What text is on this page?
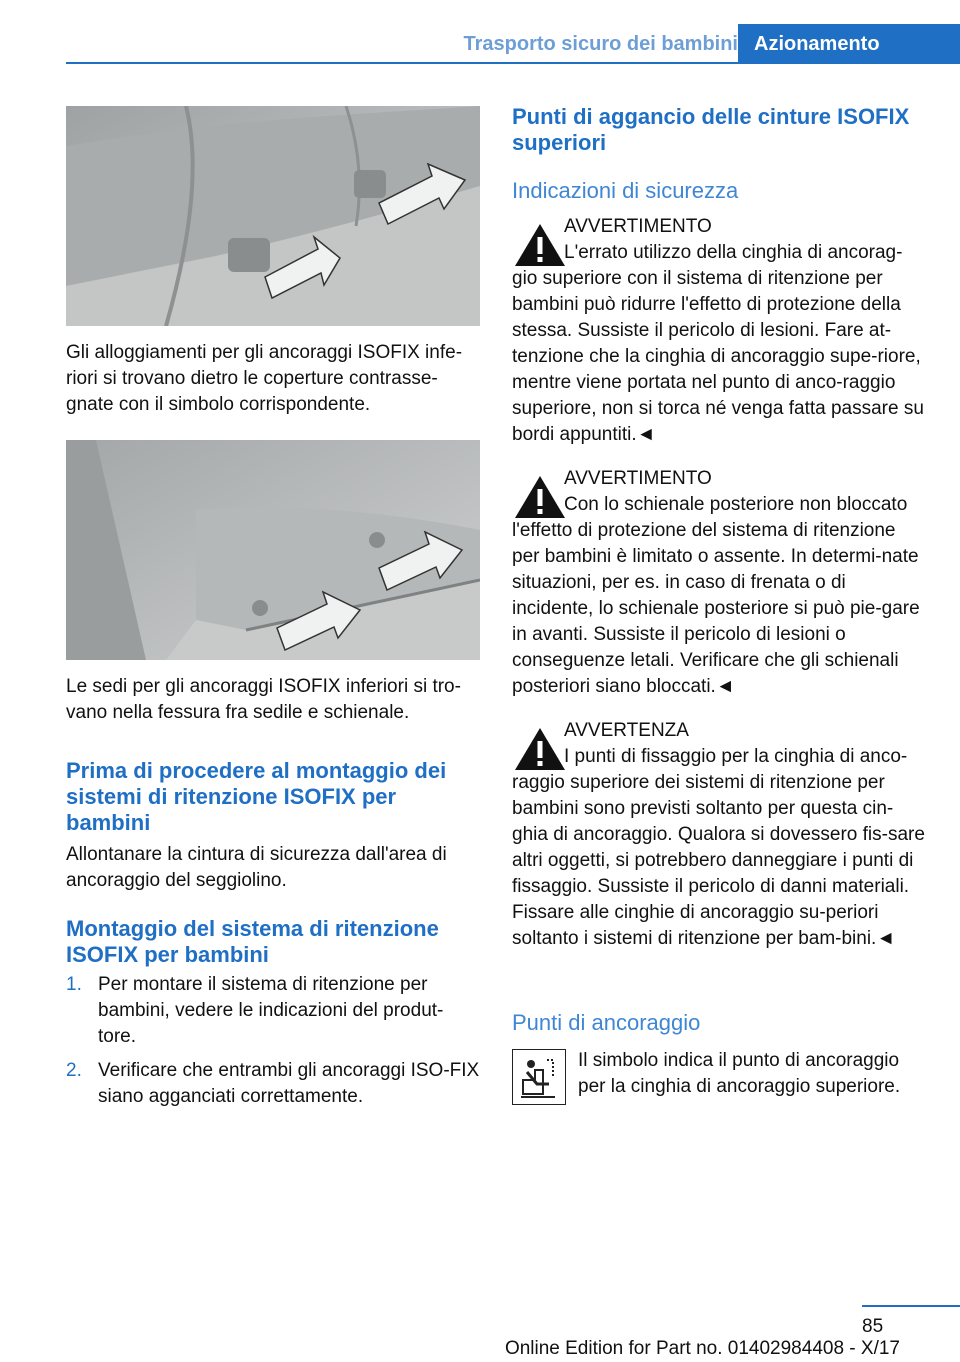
Trasporto sicuro dei bambini Azionamento
Gli alloggiamenti per gli ancoraggi ISOFIX infe-riori si trovano dietro le coperture contrasse-gnate con il simbolo corrispondente.
Le sedi per gli ancoraggi ISOFIX inferiori si tro-vano nella fessura fra sedile e schienale.
Prima di procedere al montaggio dei sistemi di ritenzione ISOFIX per bambini
Allontanare la cintura di sicurezza dall'area di ancoraggio del seggiolino.
Montaggio del sistema di ritenzione ISOFIX per bambini
1. Per montare il sistema di ritenzione per bambini, vedere le indicazioni del produt-tore.
2. Verificare che entrambi gli ancoraggi ISO-FIX siano agganciati correttamente.
Punti di aggancio delle cinture ISOFIX superiori
Indicazioni di sicurezza
AVVERTIMENTO
L'errato utilizzo della cinghia di ancorag-gio superiore con il sistema di ritenzione per bambini può ridurre l'effetto di protezione della stessa. Sussiste il pericolo di lesioni. Fare at-tenzione che la cinghia di ancoraggio supe-riore, mentre viene portata nel punto di anco-raggio superiore, non si torca né venga fatta passare su bordi appuntiti.◄
AVVERTIMENTO
Con lo schienale posteriore non bloccato l'effetto di protezione del sistema di ritenzione per bambini è limitato o assente. In determi-nate situazioni, per es. in caso di frenata o di incidente, lo schienale posteriore si può pie-gare in avanti. Sussiste il pericolo di lesioni o conseguenze letali. Verificare che gli schienali posteriori siano bloccati.◄
AVVERTENZA
I punti di fissaggio per la cinghia di anco-raggio superiore dei sistemi di ritenzione per bambini sono previsti soltanto per questa cin-ghia di ancoraggio. Qualora si dovessero fis-sare altri oggetti, si potrebbero danneggiare i punti di fissaggio. Sussiste il pericolo di danni materiali. Fissare alle cinghie di ancoraggio su-periori soltanto i sistemi di ritenzione per bam-bini.◄
Punti di ancoraggio
Il simbolo indica il punto di ancoraggio per la cinghia di ancoraggio superiore.
85
Online Edition for Part no. 01402984408 - X/17
